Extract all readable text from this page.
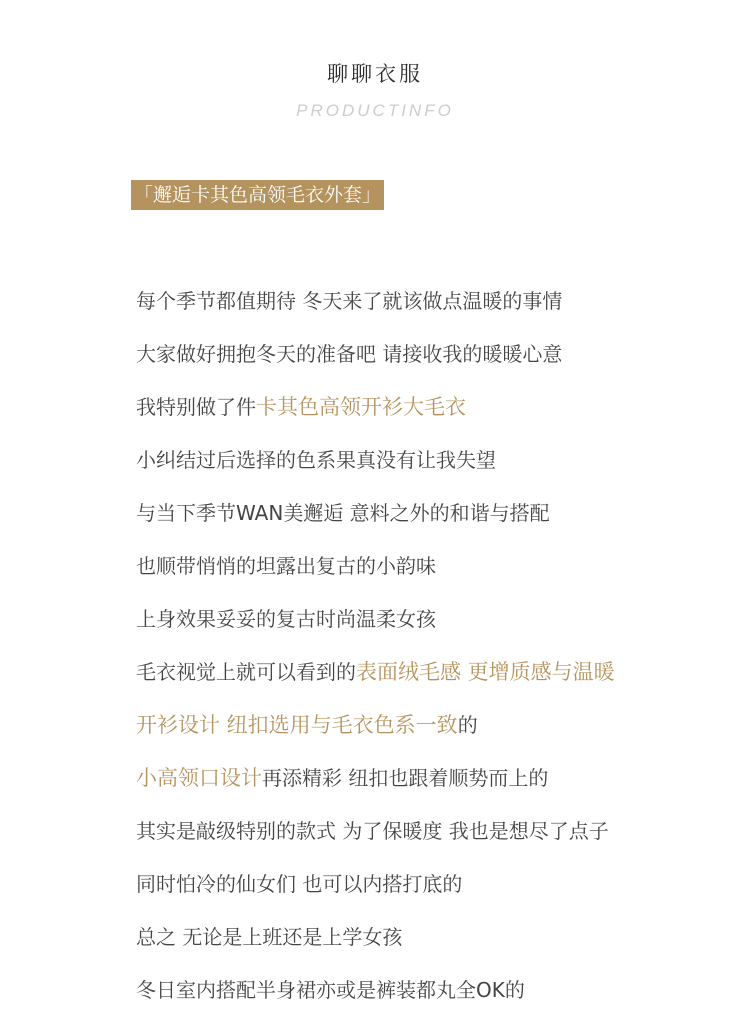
聊聊衣服
PRODUCTINFO
「邂逅卡其色高领毛衣外套」
每个季节都值期待 冬天来了就该做点温暖的事情
大家做好拥抱冬天的准备吧 请接收我的暖暖心意
我特别做了件卡其色高领开衫大毛衣
小纠结过后选择的色系果真没有让我失望
与当下季节WAN美邂逅 意料之外的和谐与搭配
也顺带悄悄的坦露出复古的小韵味
上身效果妥妥的复古时尚温柔女孩
毛衣视觉上就可以看到的表面绒毛感 更增质感与温暖
开衫设计 纽扣选用与毛衣色系一致的
小高领口设计再添精彩 纽扣也跟着顺势而上的
其实是敲级特别的款式 为了保暖度 我也是想尽了点子
同时怕冷的仙女们 也可以内搭打底的
总之 无论是上班还是上学女孩
冬日室内搭配半身裙亦或是裤装都丸全OK的
